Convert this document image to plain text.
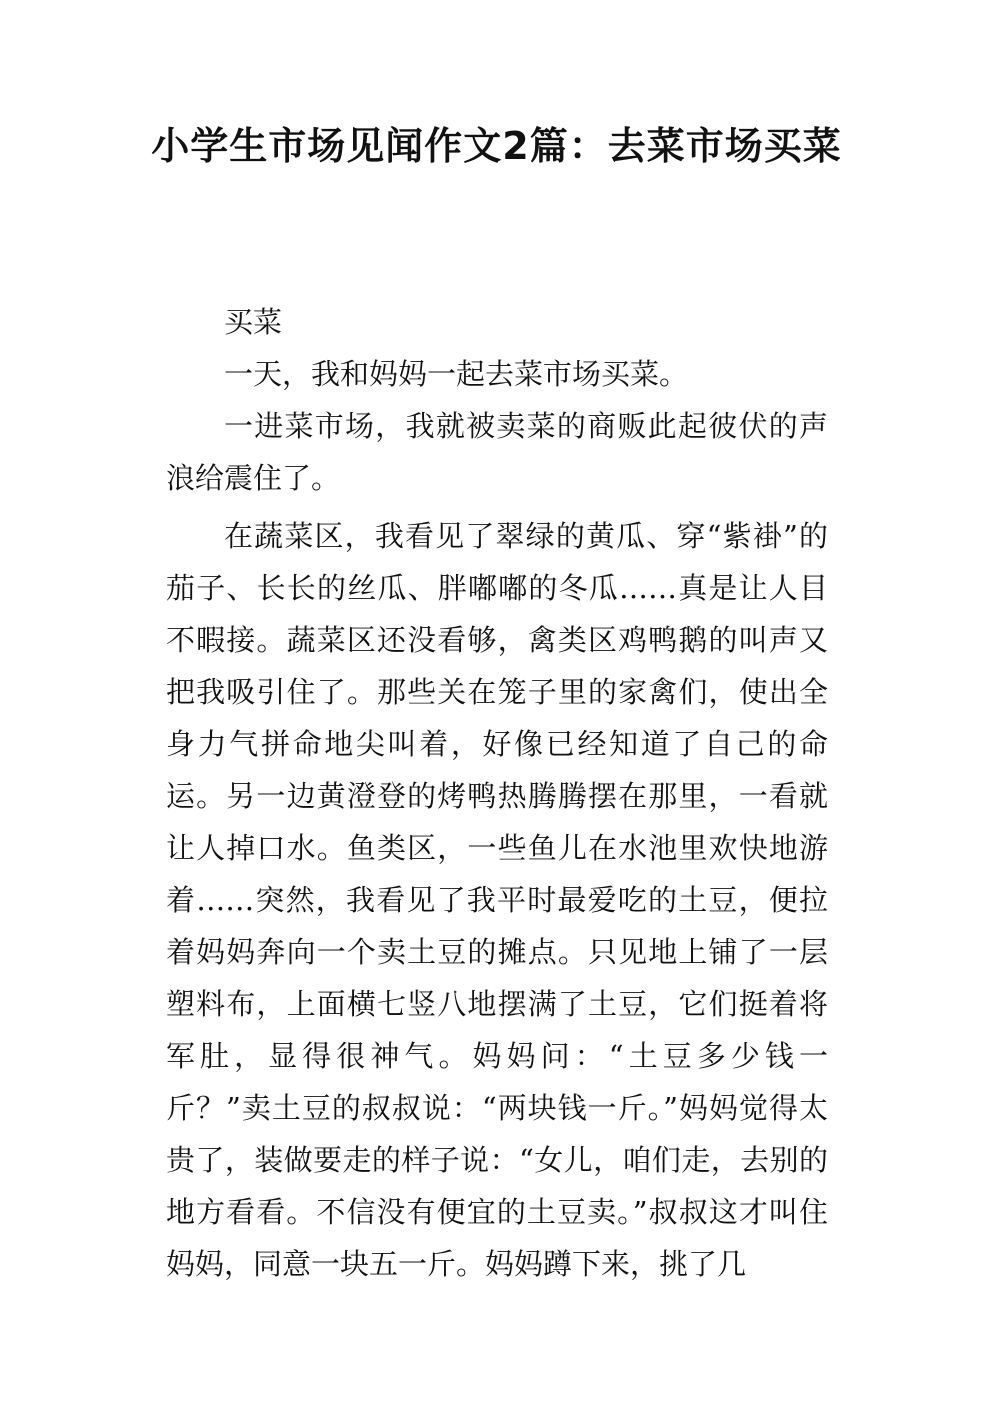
小学生市场见闻作文2篇：去菜市场买菜

买菜

一天，我和妈妈一起去菜市场买菜。

一进菜市场，我就被卖菜的商贩此起彼伏的声浪给震住了。

在蔬菜区，我看见了翠绿的黄瓜、穿“紫褂”的茄子、长长的丝瓜、胖嘟嘟的冬瓜……真是让人目不暇接。蔬菜区还没看够，禽类区鸡鸭鹅的叫声又把我吸引住了。那些关在笼子里的家禽们，使出全身力气拼命地尖叫着，好像已经知道了自己的命运。另一边黄澄登的烤鸭热腾腾摆在那里，一看就让人掉口水。鱼类区，一些鱼儿在水池里欢快地游着……突然，我看见了我平时最爱吃的土豆，便拉着妈妈奔向一个卖土豆的摊点。只见地上铺了一层塑料布，上面横七竖八地摆满了土豆，它们挺着将军肚，显得很神气。妈妈问：“土豆多少钱一斤？”卖土豆的叔叔说：“两块钱一斤。”妈妈觉得太贵了，装做要走的样子说：“女儿，咱们走，去别的地方看看。不信没有便宜的土豆卖。”叔叔这才叫住妈妈，同意一块五一斤。妈妈蹲下来，挑了几
